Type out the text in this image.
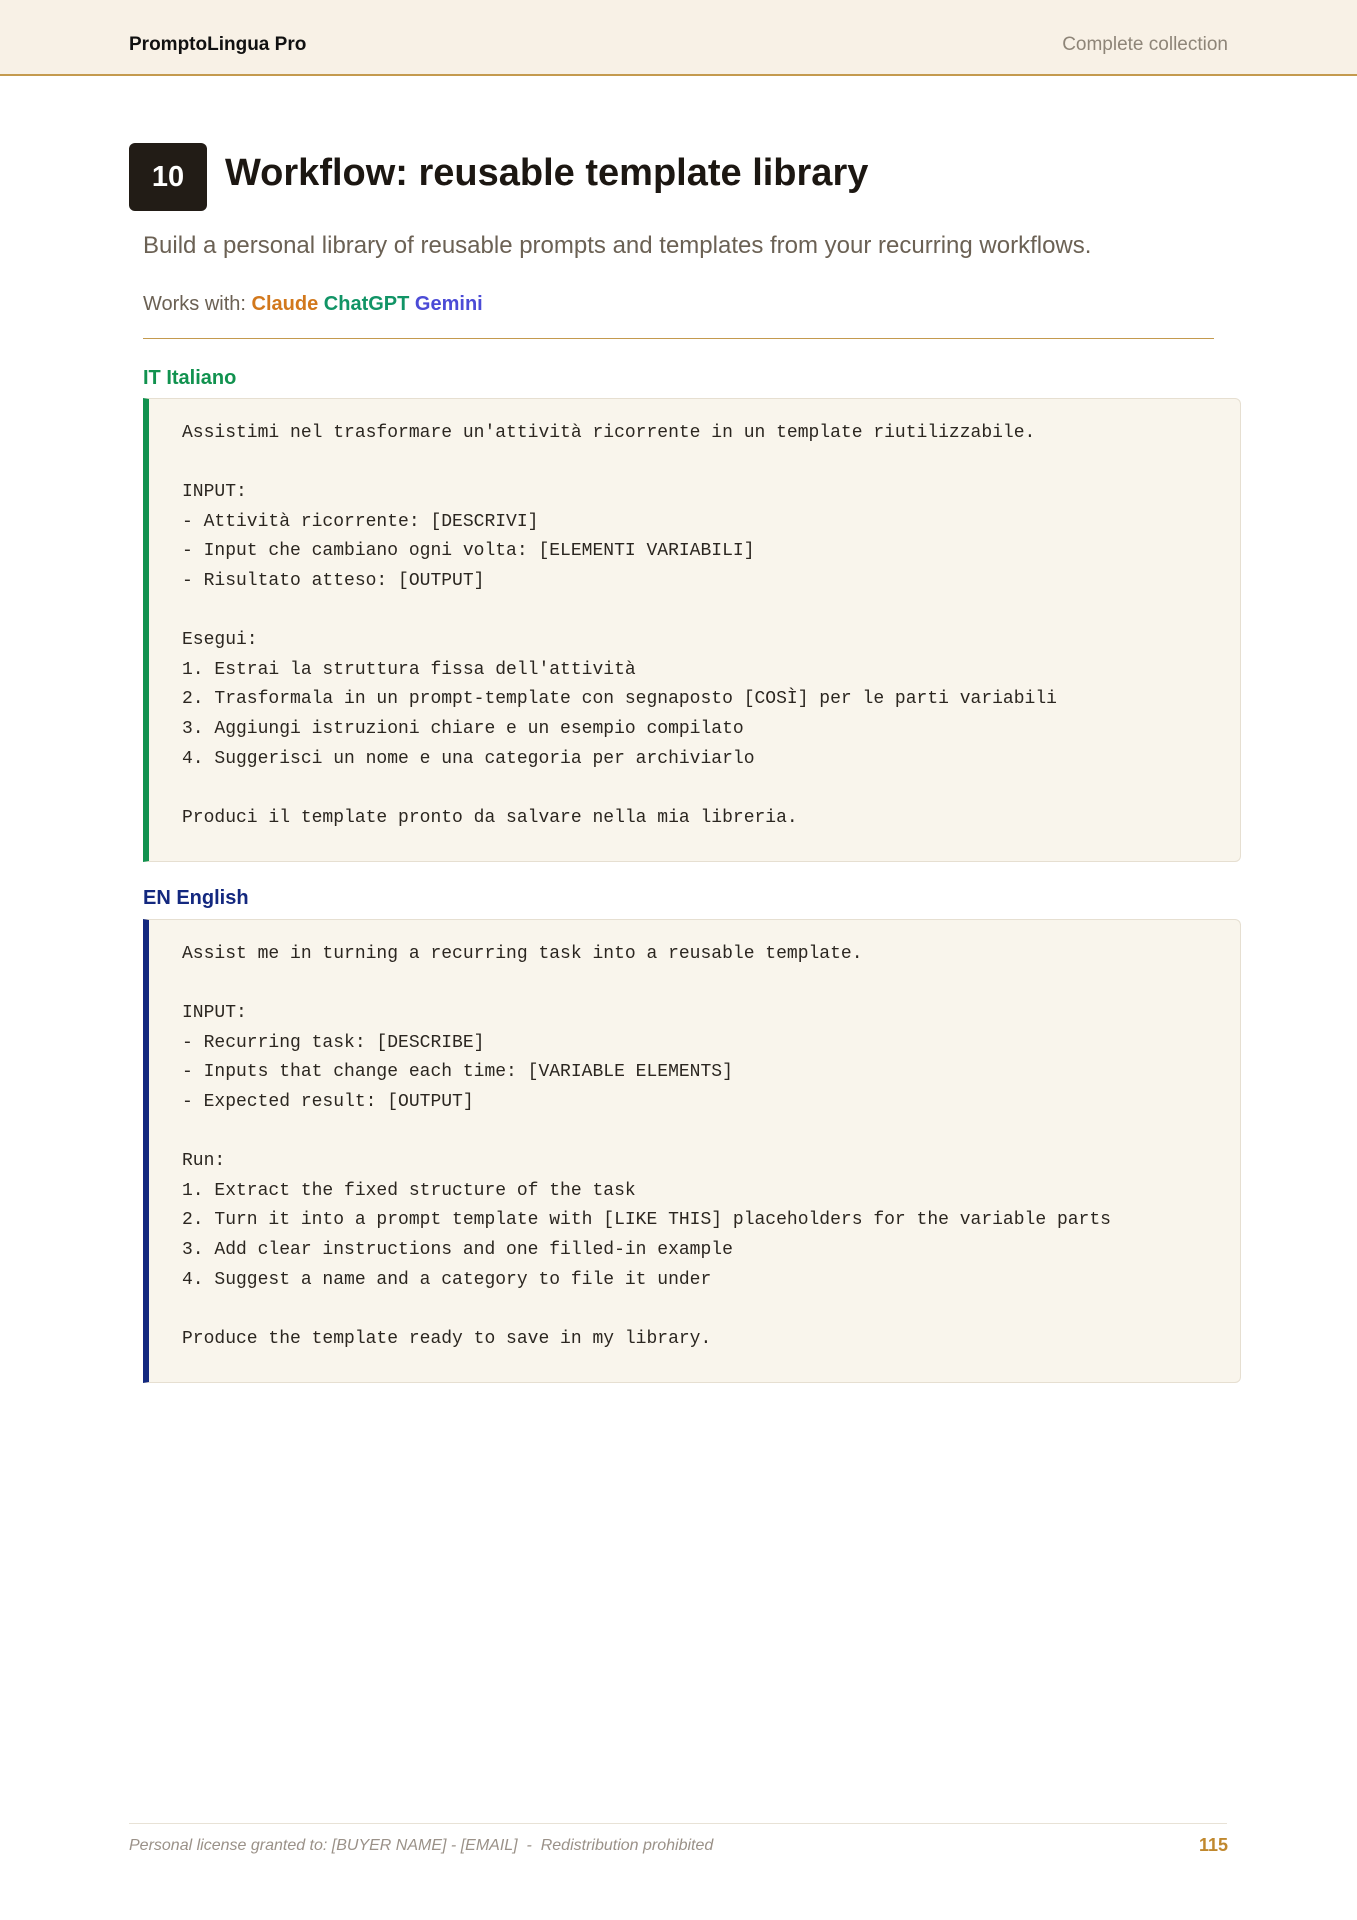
PromptoLingua Pro	Complete collection
10	Workflow: reusable template library
Build a personal library of reusable prompts and templates from your recurring workflows.
Works with: Claude ChatGPT Gemini
IT Italiano
Assistimi nel trasformare un'attività ricorrente in un template riutilizzabile.
INPUT:
- Attività ricorrente: [DESCRIVI]
- Input che cambiano ogni volta: [ELEMENTI VARIABILI]
- Risultato atteso: [OUTPUT]
Esegui:
1. Estrai la struttura fissa dell'attività
2. Trasformala in un prompt-template con segnaposto [COSÌ] per le parti variabili
3. Aggiungi istruzioni chiare e un esempio compilato
4. Suggerisci un nome e una categoria per archiviarlo
Produci il template pronto da salvare nella mia libreria.
EN English
Assist me in turning a recurring task into a reusable template.
INPUT:
- Recurring task: [DESCRIBE]
- Inputs that change each time: [VARIABLE ELEMENTS]
- Expected result: [OUTPUT]
Run:
1. Extract the fixed structure of the task
2. Turn it into a prompt template with [LIKE THIS] placeholders for the variable parts
3. Add clear instructions and one filled-in example
4. Suggest a name and a category to file it under
Produce the template ready to save in my library.
Personal license granted to: [BUYER NAME] - [EMAIL]  -  Redistribution prohibited	115
